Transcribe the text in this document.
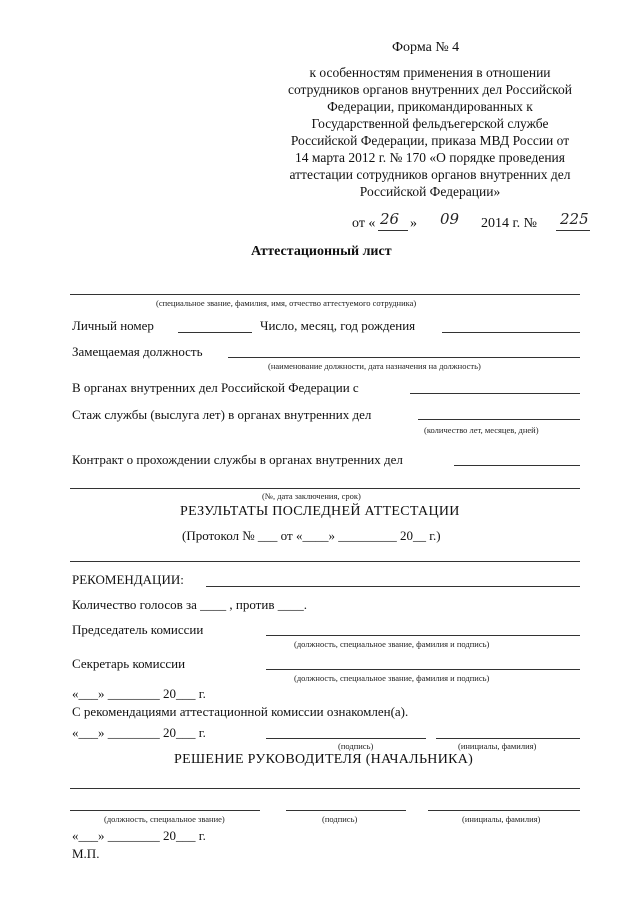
Форма № 4
к особенностям применения в отношении
сотрудников органов внутренних дел Российской
Федерации, прикомандированных к
Государственной фельдъегерской службе
Российской Федерации, приказа МВД России от
14 марта 2012 г. № 170 «О порядке проведения
аттестации сотрудников органов внутренних дел
Российской Федерации»
от « 26 » 09 2014 г. № 225
Аттестационный лист
(специальное звание, фамилия, имя, отчество аттестуемого сотрудника)
Личный номер	Число, месяц, год рождения
Замещаемая должность
(наименование должности, дата назначения на должность)
В органах внутренних дел Российской Федерации с
Стаж службы (выслуга лет) в органах внутренних дел
(количество лет, месяцев, дней)
Контракт о прохождении службы в органах внутренних дел
(№, дата заключения, срок)
РЕЗУЛЬТАТЫ ПОСЛЕДНЕЙ АТТЕСТАЦИИ
(Протокол № ___ от «____» _________ 20__ г.)
РЕКОМЕНДАЦИИ:
Количество голосов за ____ , против ____.
Председатель комиссии
(должность, специальное звание, фамилия и подпись)
Секретарь комиссии
(должность, специальное звание, фамилия и подпись)
«___» ________ 20___ г.
С рекомендациями аттестационной комиссии ознакомлен(а).
«___» ________ 20___ г.
(подпись)	(инициалы, фамилия)
РЕШЕНИЕ РУКОВОДИТЕЛЯ (НАЧАЛЬНИКА)
(должность, специальное звание)	(подпись)	(инициалы, фамилия)
«___» ________ 20___ г.
М.П.
